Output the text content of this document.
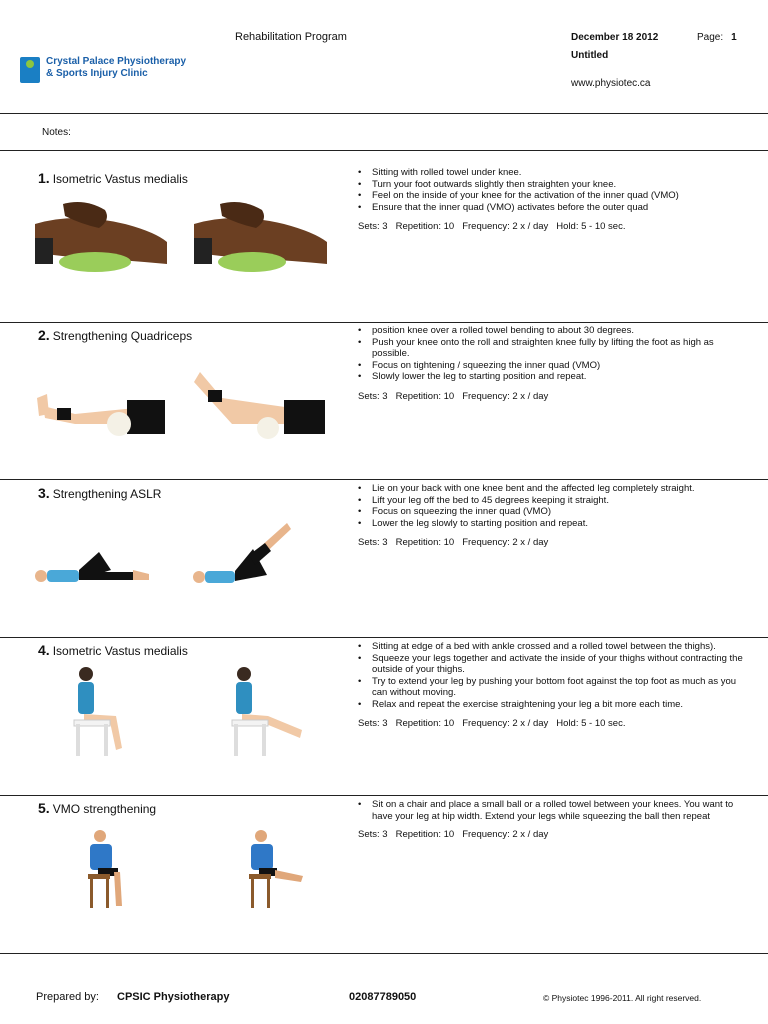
Rehabilitation Program	December 18 2012	Page: 1
Untitled
www.physiotec.ca
Crystal Palace Physiotherapy
& Sports Injury Clinic
Notes:
1. Isometric Vastus medialis	• Sitting with rolled towel under knee.
• Turn your foot outwards slightly then straighten your knee.
• Feel on the inside of your knee for the activation of the inner quad (VMO)
• Ensure that the inner quad (VMO) activates before the outer quad
Sets: 3 Repetition: 10 Frequency: 2 x / day Hold: 5 - 10 sec.
2. Strengthening Quadriceps	• position knee over a rolled towel bending to about 30 degrees.
• Push your knee onto the roll and straighten knee fully by lifting the foot as high as possible.
• Focus on tightening / squeezing the inner quad (VMO)
• Slowly lower the leg to starting position and repeat.
Sets: 3 Repetition: 10 Frequency: 2 x / day
3. Strengthening ASLR	• Lie on your back with one knee bent and the affected leg completely straight.
• Lift your leg off the bed to 45 degrees keeping it straight.
• Focus on squeezing the inner quad (VMO)
• Lower the leg slowly to starting position and repeat.
Sets: 3 Repetition: 10 Frequency: 2 x / day
4. Isometric Vastus medialis	• Sitting at edge of a bed with ankle crossed and a rolled towel between the thighs).
• Squeeze your legs together and activate the inside of your thighs without contracting the outside of your thighs.
• Try to extend your leg by pushing your bottom foot against the top foot as much as you can without moving.
• Relax and repeat the exercise straightening your leg a bit more each time.
Sets: 3 Repetition: 10 Frequency: 2 x / day Hold: 5 - 10 sec.
5. VMO strengthening	• Sit on a chair and place a small ball or a rolled towel between your knees. You want to have your leg at hip width. Extend your legs while squeezing the ball then repeat
Sets: 3 Repetition: 10 Frequency: 2 x / day
Prepared by: CPSIC Physiotherapy	02087789050	© Physiotec 1996-2011. All right reserved.
